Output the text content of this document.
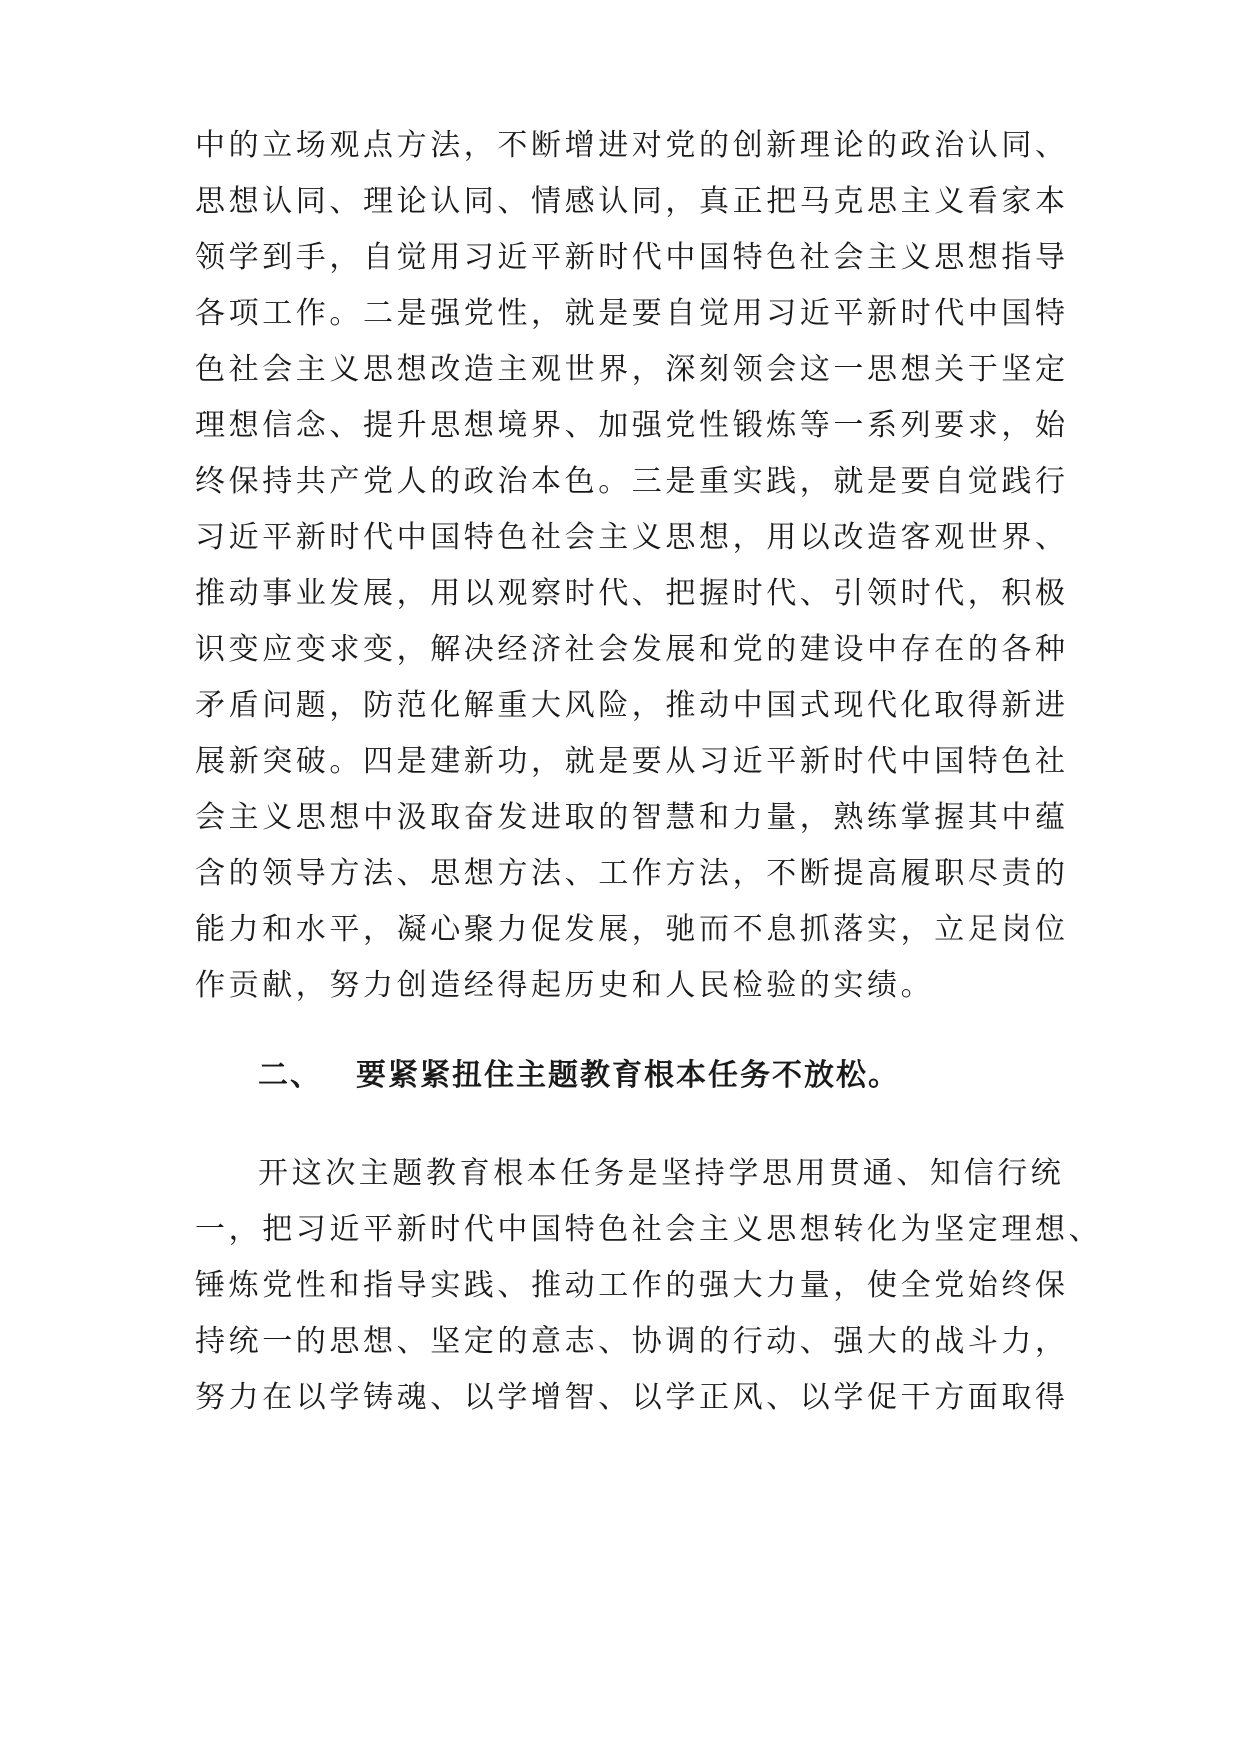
中的立场观点方法，不断增进对党的创新理论的政治认同、
思想认同、理论认同、情感认同，真正把马克思主义看家本
领学到手，自觉用习近平新时代中国特色社会主义思想指导
各项工作。二是强党性，就是要自觉用习近平新时代中国特
色社会主义思想改造主观世界，深刻领会这一思想关于坚定
理想信念、提升思想境界、加强党性锻炼等一系列要求，始
终保持共产党人的政治本色。三是重实践，就是要自觉践行
习近平新时代中国特色社会主义思想，用以改造客观世界、
推动事业发展，用以观察时代、把握时代、引领时代，积极
识变应变求变，解决经济社会发展和党的建设中存在的各种
矛盾问题，防范化解重大风险，推动中国式现代化取得新进
展新突破。四是建新功，就是要从习近平新时代中国特色社
会主义思想中汲取奋发进取的智慧和力量，熟练掌握其中蕴
含的领导方法、思想方法、工作方法，不断提高履职尽责的
能力和水平，凝心聚力促发展，驰而不息抓落实，立足岗位
作贡献，努力创造经得起历史和人民检验的实绩。
二、 要紧紧扭住主题教育根本任务不放松。
开这次主题教育根本任务是坚持学思用贯通、知信行统
一，把习近平新时代中国特色社会主义思想转化为坚定理想、
锤炼党性和指导实践、推动工作的强大力量，使全党始终保
持统一的思想、坚定的意志、协调的行动、强大的战斗力，
努力在以学铸魂、以学增智、以学正风、以学促干方面取得
